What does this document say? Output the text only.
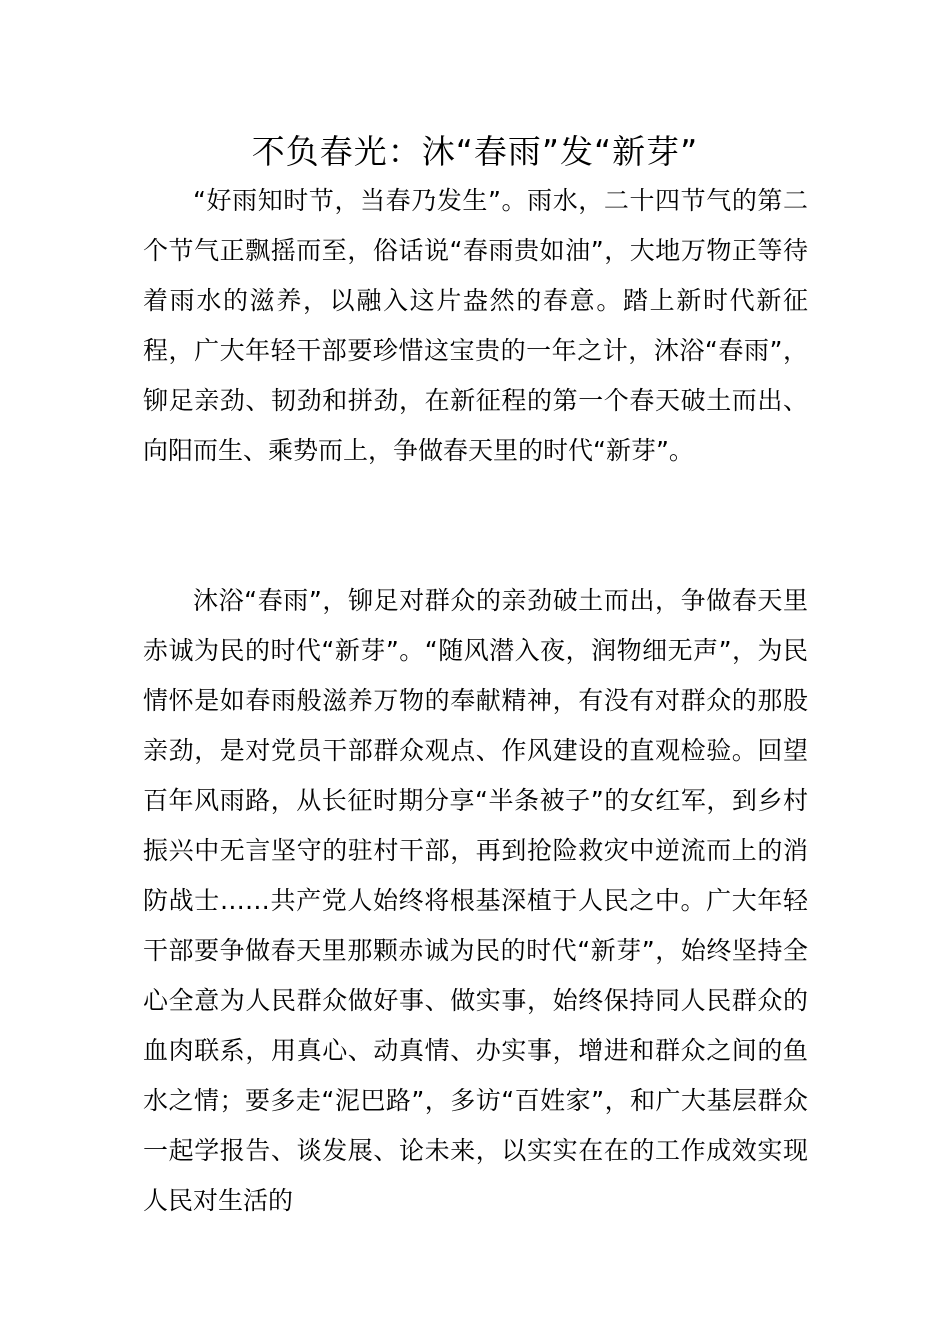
不负春光：沐“春雨”发“新芽”

“好雨知时节，当春乃发生”。雨水，二十四节气的第二个节气正飘摇而至，俗话说“春雨贵如油”，大地万物正等待着雨水的滋养，以融入这片盎然的春意。踏上新时代新征程，广大年轻干部要珍惜这宝贵的一年之计，沐浴“春雨”，铆足亲劲、韧劲和拼劲，在新征程的第一个春天破土而出、向阳而生、乘势而上，争做春天里的时代“新芽”。

沐浴“春雨”，铆足对群众的亲劲破土而出，争做春天里赤诚为民的时代“新芽”。“随风潜入夜，润物细无声”，为民情怀是如春雨般滋养万物的奉献精神，有没有对群众的那股亲劲，是对党员干部群众观点、作风建设的直观检验。回望百年风雨路，从长征时期分享“半条被子”的女红军，到乡村振兴中无言坚守的驻村干部，再到抢险救灾中逆流而上的消防战士……共产党人始终将根基深植于人民之中。广大年轻干部要争做春天里那颗赤诚为民的时代“新芽”，始终坚持全心全意为人民群众做好事、做实事，始终保持同人民群众的血肉联系，用真心、动真情、办实事，增进和群众之间的鱼水之情；要多走“泥巴路”，多访“百姓家”，和广大基层群众一起学报告、谈发展、论未来，以实实在在的工作成效实现人民对生活的
